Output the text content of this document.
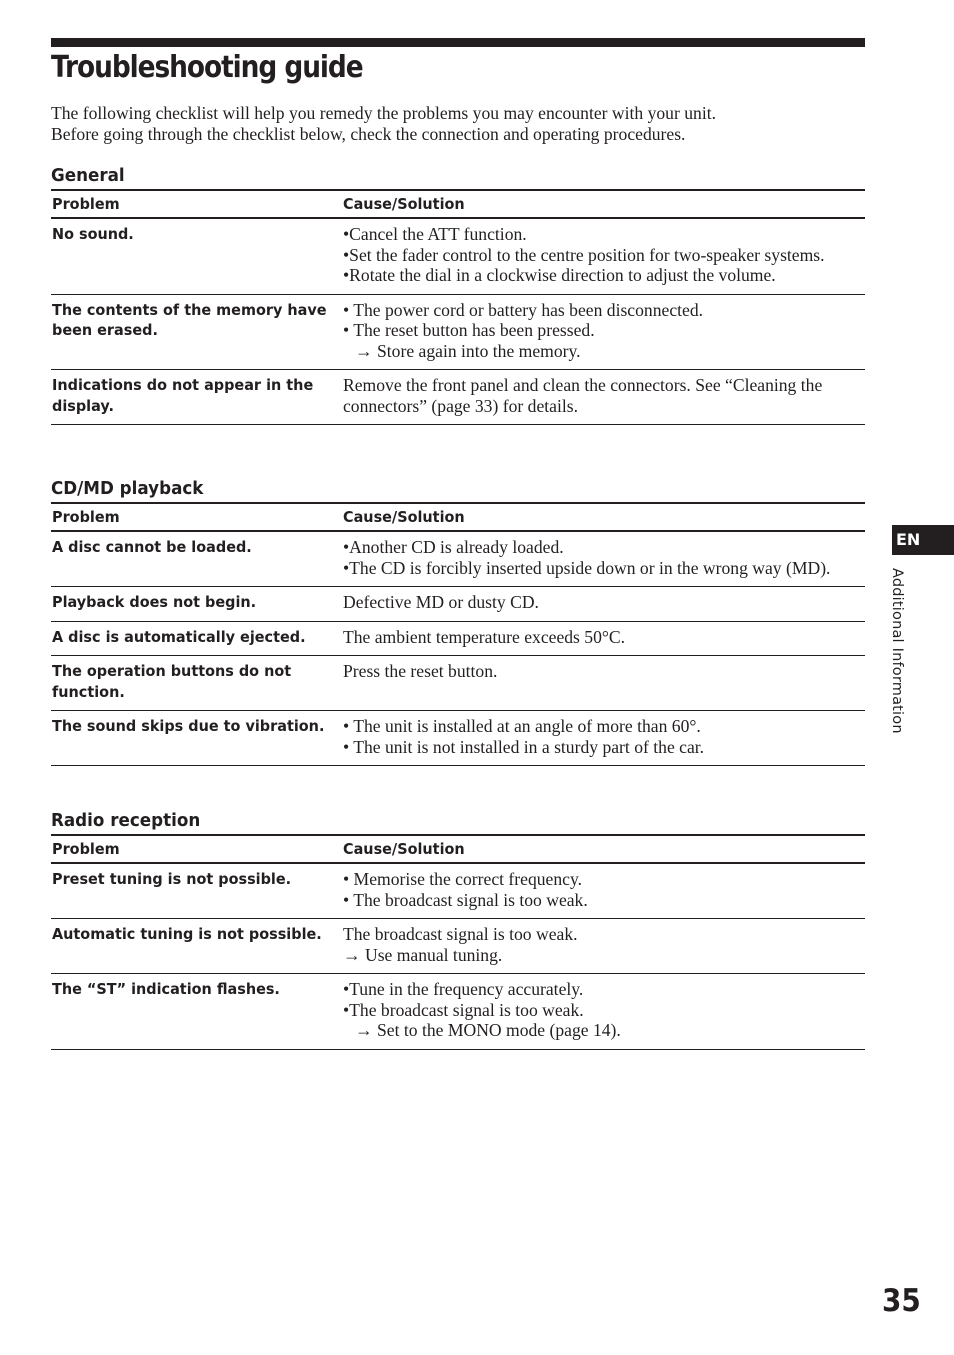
Troubleshooting guide

The following checklist will help you remedy the problems you may encounter with your unit.
Before going through the checklist below, check the connection and operating procedures.

General
Problem	Cause/Solution
No sound.	•Cancel the ATT function.
•Set the fader control to the centre position for two-speaker systems.
•Rotate the dial in a clockwise direction to adjust the volume.

The contents of the memory have been erased.	• The power cord or battery has been disconnected.
• The reset button has been pressed.
→ Store again into the memory.

Indications do not appear in the display.	Remove the front panel and clean the connectors. See “Cleaning the connectors” (page 33) for details.
CD/MD playback
Problem	Cause/Solution
A disc cannot be loaded.	•Another CD is already loaded.
•The CD is forcibly inserted upside down or in the wrong way (MD).

Playback does not begin.	Defective MD or dusty CD.

A disc is automatically ejected.	The ambient temperature exceeds 50°C.

The operation buttons do not function.	Press the reset button.

The sound skips due to vibration.	• The unit is installed at an angle of more than 60°.
• The unit is not installed in a sturdy part of the car.
Radio reception
Problem	Cause/Solution
Preset tuning is not possible.	• Memorise the correct frequency.
• The broadcast signal is too weak.

Automatic tuning is not possible.	The broadcast signal is too weak.
→ Use manual tuning.

The “ST” indication flashes.	•Tune in the frequency accurately.
•The broadcast signal is too weak.
→ Set to the MONO mode (page 14).
EN
Additional Information
35
